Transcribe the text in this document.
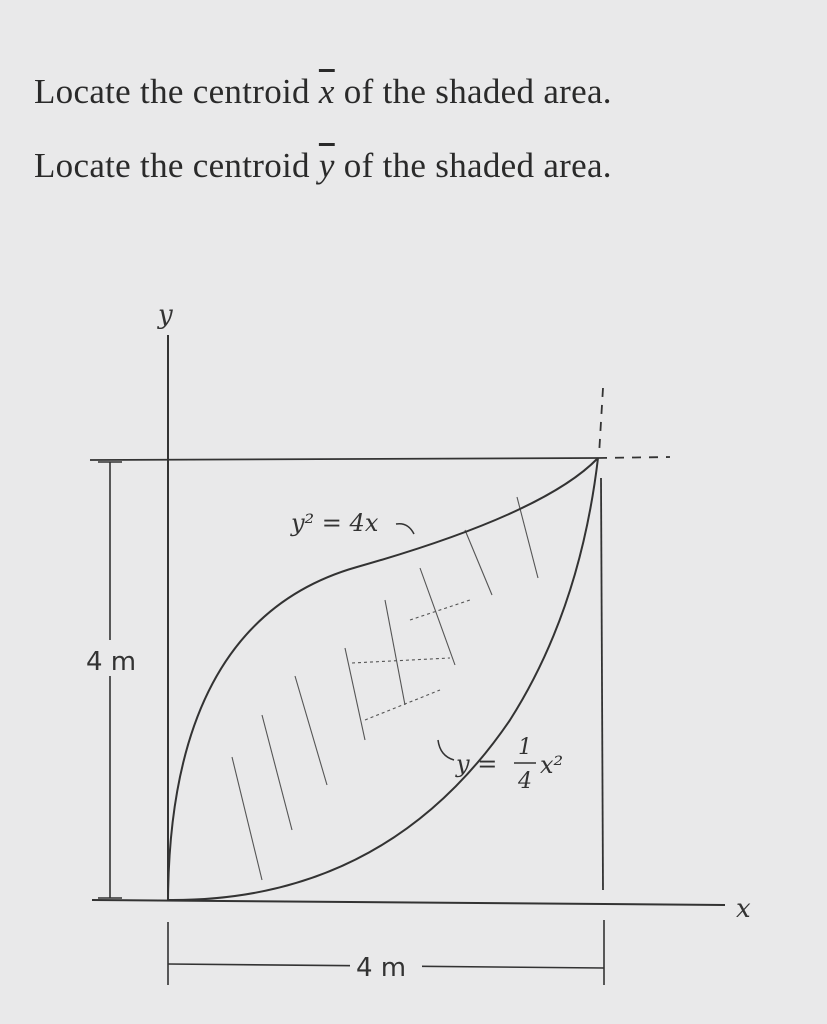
Locate the centroid $\overline{x}$ of the shaded area.
Locate the centroid $\overline{y}$ of the shaded area.
y
x
y² = 4x
y =
1
4
x²
4 m
4 m
